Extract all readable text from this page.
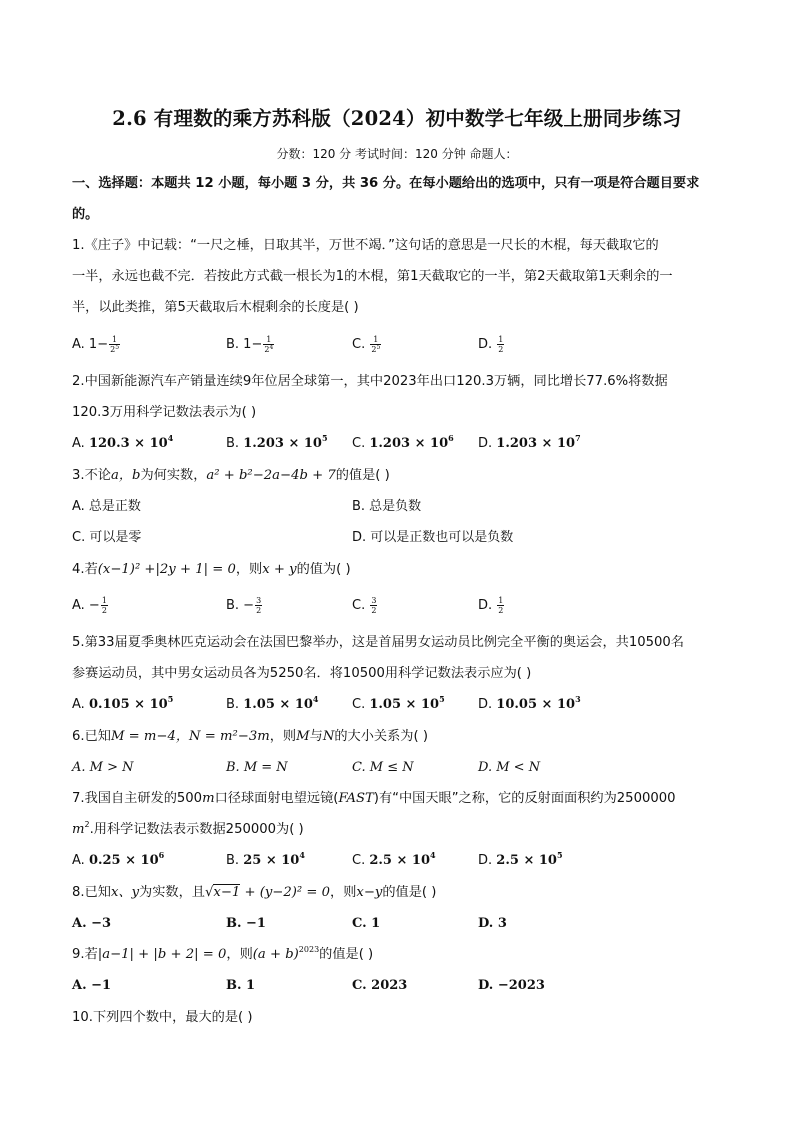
2.6 有理数的乘方苏科版（2024）初中数学七年级上册同步练习
分数：120 分 考试时间：120 分钟 命题人：
一、选择题：本题共 12 小题，每小题 3 分，共 36 分。在每小题给出的选项中，只有一项是符合题目要求
的。
1.《庄子》中记载：“一尺之棰，日取其半，万世不竭．”这句话的意思是一尺长的木棍，每天截取它的
一半，永远也截不完．若按此方式截一根长为1的木棍，第1天截取它的一半，第2天截取第1天剩余的一
半，以此类推，第5天截取后木棍剩余的长度是( )
A. $1- \frac{1}{2^5}$	B. $1- \frac{1}{2^4}$	C. $\frac{1}{2^5}$	D. $\frac{1}{2}$
2.中国新能源汽车产销量连续9年位居全球第一，其中2023年出口120.3万辆，同比增长77.6%将数据
120.3万用科学记数法表示为( )
A. $120.3 \times 10^4$	B. $1.203 \times 10^5$ C. $1.203 \times 10^6$ D. $1.203 \times 10^7$
3.不论a，b为何实数，a² + b²−2a−4b + 7的值是( )
A. 总是正数	B. 总是负数
C. 可以是零	D. 可以是正数也可以是负数
4.若(x−1)² +|2y + 1| = 0，则x + y的值为( )
A. − $\frac{1}{2}$	B. − $\frac{3}{2}$	C. $\frac{3}{2}$	D. $\frac{1}{2}$
5.第33届夏季奥林匹克运动会在法国巴黎举办，这是首届男女运动员比例完全平衡的奥运会，共10500名
参赛运动员，其中男女运动员各为5250名．将10500用科学记数法表示应为( )
A. $0.105 \times 10^5$	B. $1.05 \times 10^4$	C. $1.05 \times 10^5$	D. $10.05 \times 10^3$
6.已知M = m−4，N = m²−3m，则M与N的大小关系为( )
A. M > N	B. M = N	C. M ≤ N	D. M < N
7.我国自主研发的500m口径球面射电望远镜(FAST)有“中国天眼”之称，它的反射面面积约为2500000
$m^2$.用科学记数法表示数据250000为( )
A. $0.25 \times 10^6$	B. $25 \times 10^4$	C. $2.5 \times 10^4$	D. $2.5 \times 10^5$
8.已知x、y为实数，且√x−1 + (y−2)² = 0，则x−y的值是( )
A. −3	B. −1	C. 1	D. 3
9.若|a−1| + |b + 2| = 0，则$(a + b)^{2023}$的值是( )
A. −1	B. 1	C. 2023	D. −2023
10.下列四个数中，最大的是( )
